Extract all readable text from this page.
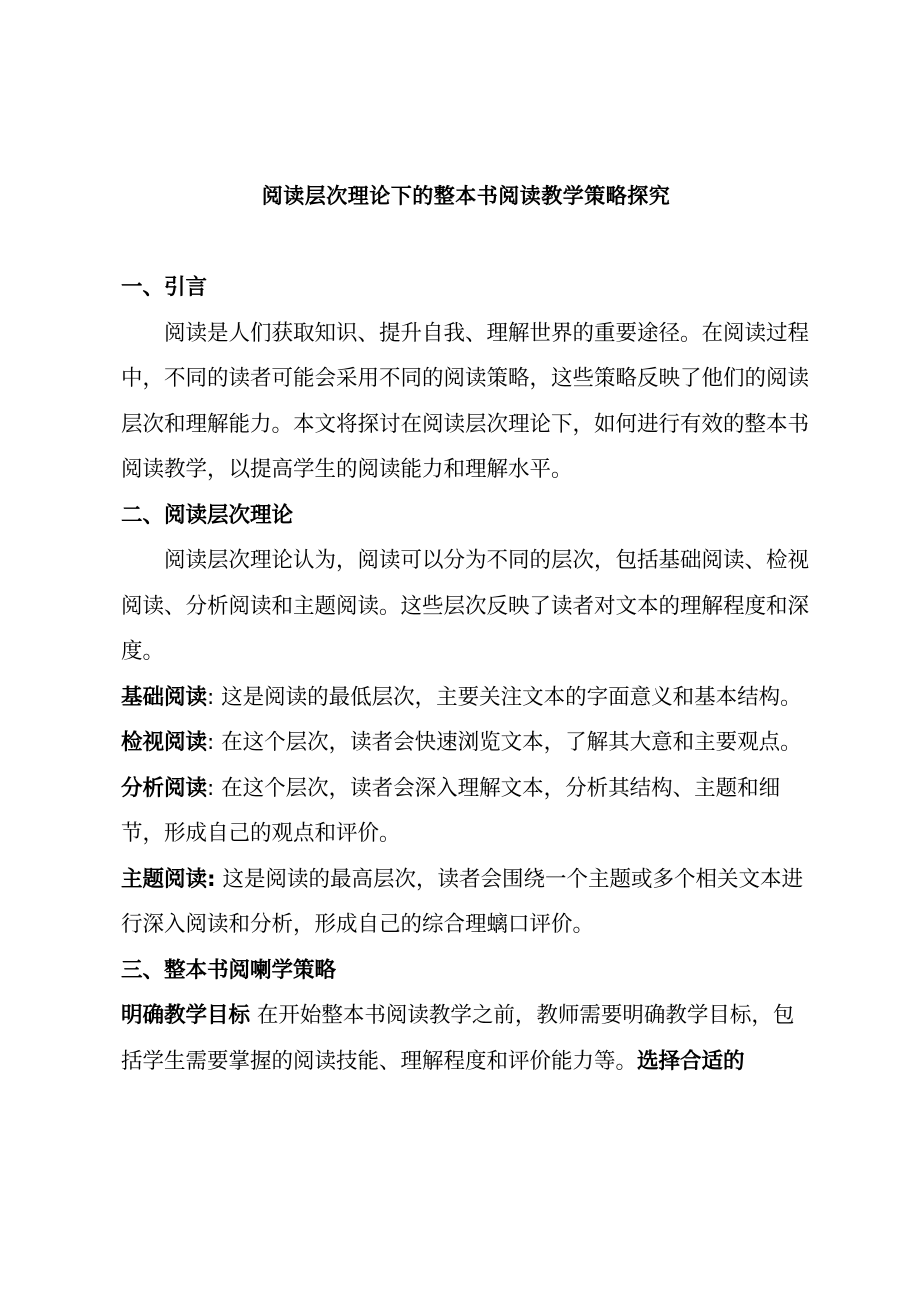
阅读层次理论下的整本书阅读教学策略探究

一、引言

阅读是人们获取知识、提升自我、理解世界的重要途径。在阅读过程中，不同的读者可能会采用不同的阅读策略，这些策略反映了他们的阅读层次和理解能力。本文将探讨在阅读层次理论下，如何进行有效的整本书阅读教学，以提高学生的阅读能力和理解水平。

二、阅读层次理论

阅读层次理论认为，阅读可以分为不同的层次，包括基础阅读、检视阅读、分析阅读和主题阅读。这些层次反映了读者对文本的理解程度和深度。

基础阅读: 这是阅读的最低层次，主要关注文本的字面意义和基本结构。

检视阅读: 在这个层次，读者会快速浏览文本，了解其大意和主要观点。

分析阅读: 在这个层次，读者会深入理解文本，分析其结构、主题和细节，形成自己的观点和评价。

主题阅读: 这是阅读的最高层次，读者会围绕一个主题或多个相关文本进行深入阅读和分析，形成自己的综合理螭口评价。

三、整本书阅喇学策略

明确教学目标 在开始整本书阅读教学之前，教师需要明确教学目标，包括学生需要掌握的阅读技能、理解程度和评价能力等。选择合适的
